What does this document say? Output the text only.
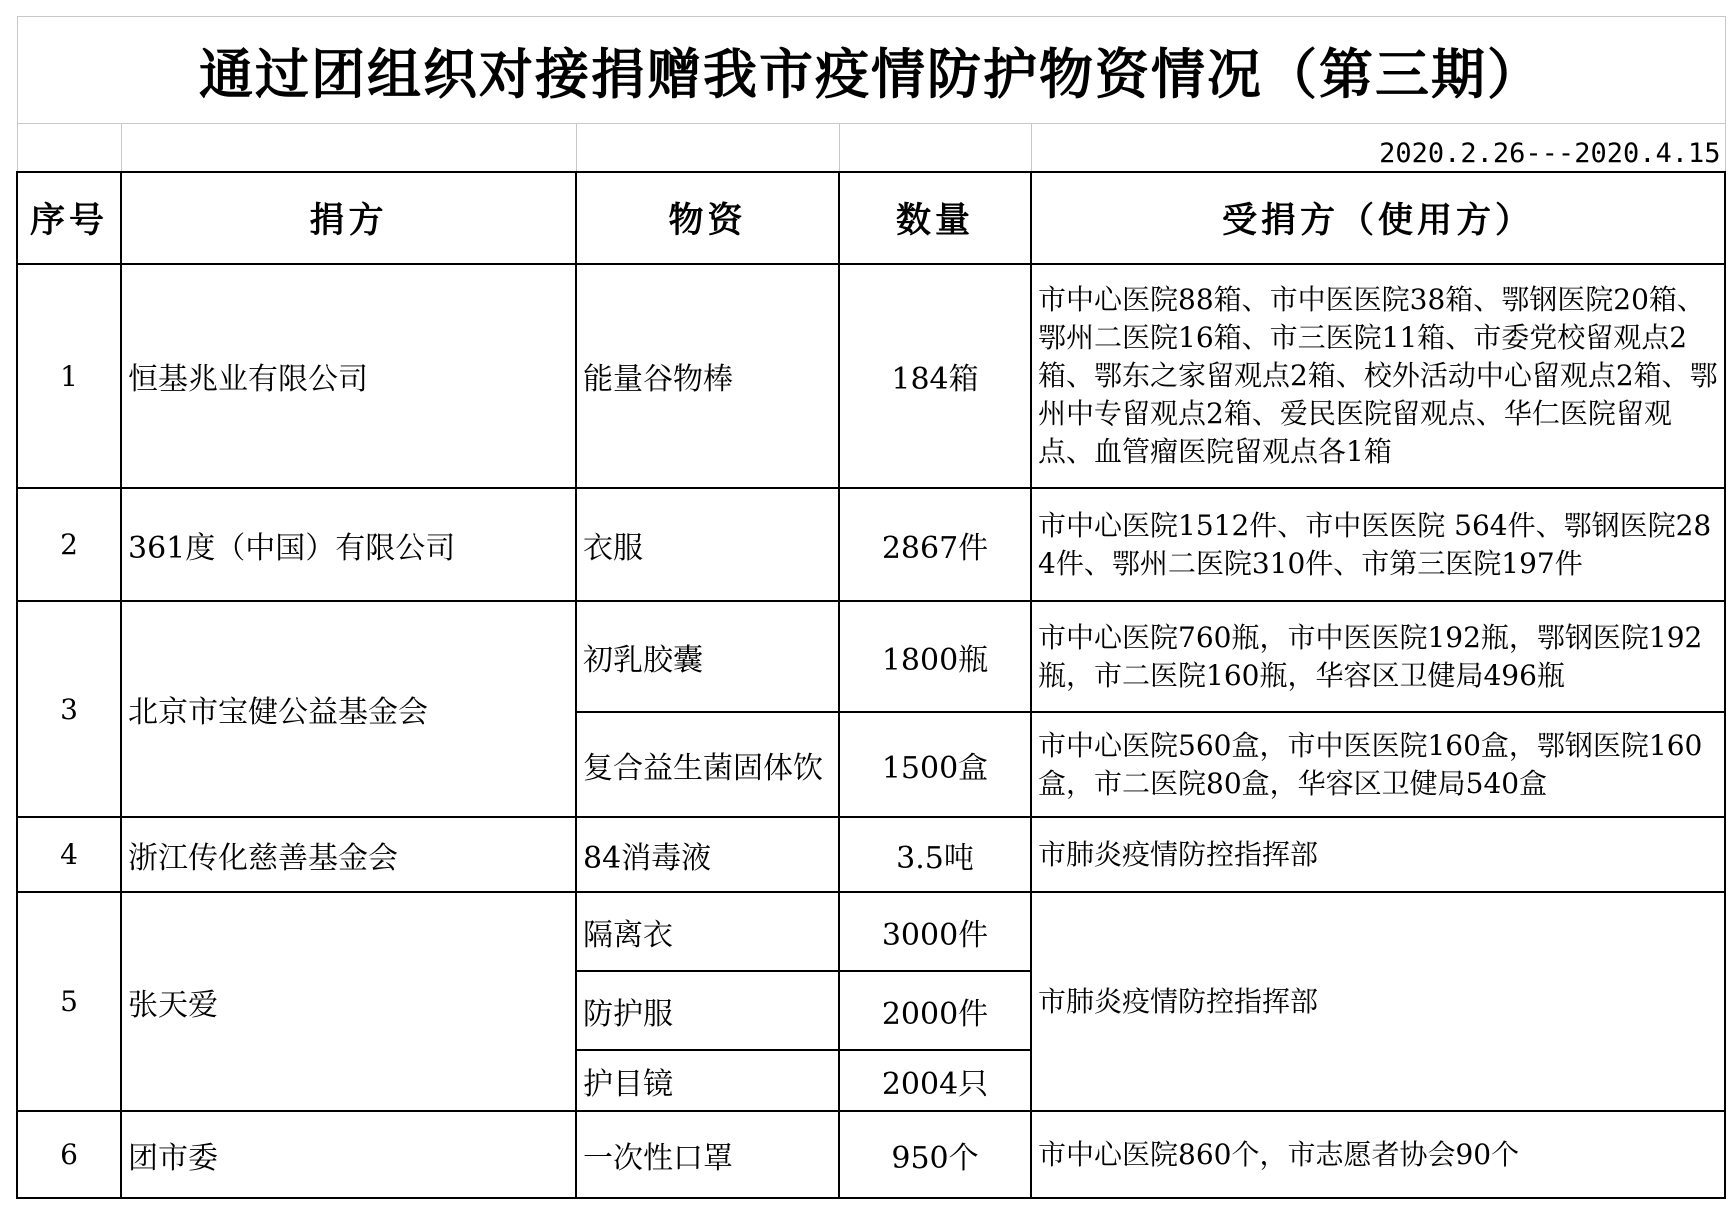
通过团组织对接捐赠我市疫情防护物资情况（第三期）				
				2020.2.26---2020.4.15
序号	捐方	物资	数量	受捐方（使用方）
1	恒基兆业有限公司	能量谷物棒	184箱	市中心医院88箱、市中医医院38箱、鄂钢医院20箱、鄂州二医院16箱、市三医院11箱、市委党校留观点2箱、鄂东之家留观点2箱、校外活动中心留观点2箱、鄂州中专留观点2箱、爱民医院留观点、华仁医院留观点、血管瘤医院留观点各1箱
2	361度（中国）有限公司	衣服	2867件	市中心医院1512件、市中医医院 564件、鄂钢医院284件、鄂州二医院310件、市第三医院197件
3	北京市宝健公益基金会	初乳胶囊	1800瓶	市中心医院760瓶，市中医医院192瓶，鄂钢医院192瓶，市二医院160瓶，华容区卫健局496瓶
		复合益生菌固体饮	1500盒	市中心医院560盒，市中医医院160盒，鄂钢医院160盒，市二医院80盒，华容区卫健局540盒
4	浙江传化慈善基金会	84消毒液	3.5吨	市肺炎疫情防控指挥部
5	张天爱	隔离衣	3000件	市肺炎疫情防控指挥部
		防护服	2000件	
		护目镜	2004只	
6	团市委	一次性口罩	950个	市中心医院860个，市志愿者协会90个
